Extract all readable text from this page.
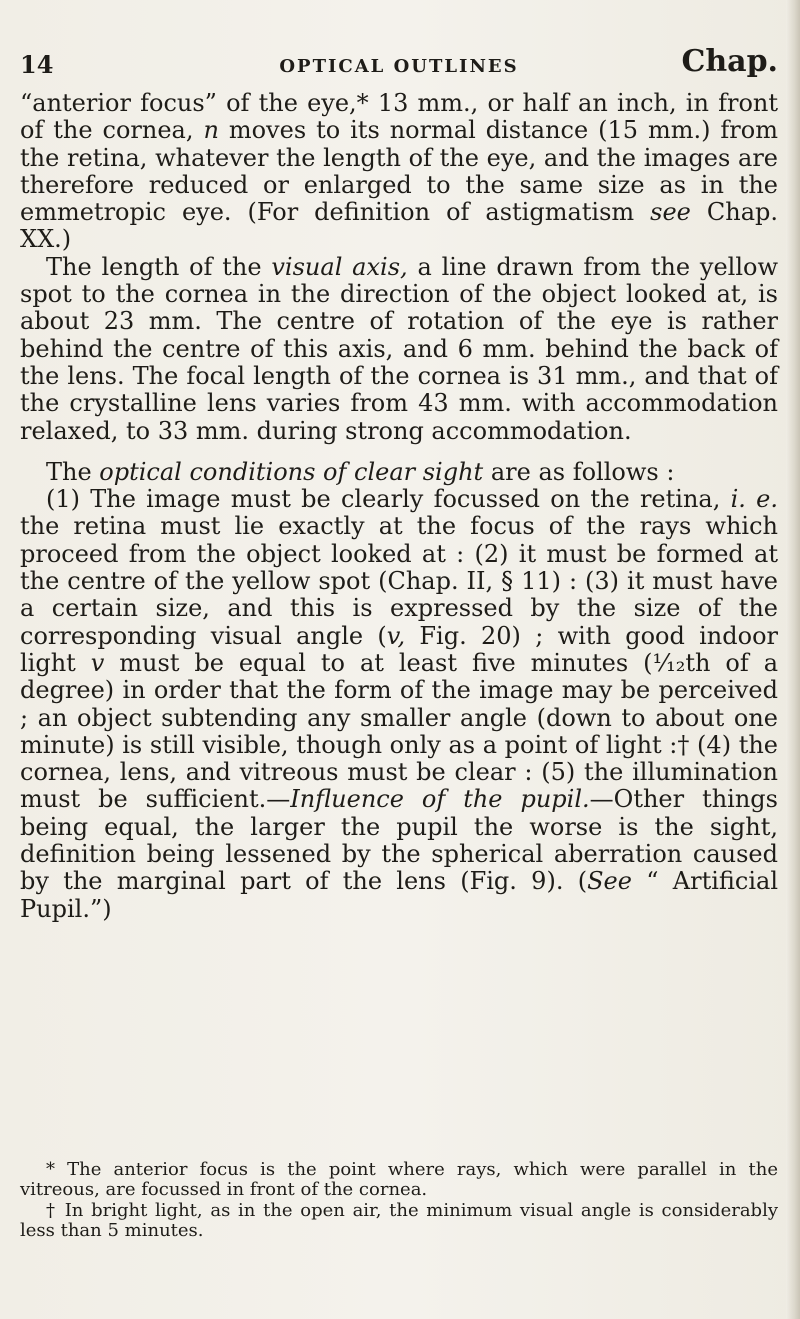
14	OPTICAL OUTLINES	Chap.

“anterior focus” of the eye,* 13 mm., or half an inch, in front of the cornea, n moves to its normal distance (15 mm.) from the retina, whatever the length of the eye, and the images are therefore reduced or enlarged to the same size as in the emmetropic eye. (For definition of astigmatism see Chap. XX.)

The length of the visual axis, a line drawn from the yellow spot to the cornea in the direction of the object looked at, is about 23 mm. The centre of rotation of the eye is rather behind the centre of this axis, and 6 mm. behind the back of the lens. The focal length of the cornea is 31 mm., and that of the crystalline lens varies from 43 mm. with accommodation relaxed, to 33 mm. during strong accommodation.

The optical conditions of clear sight are as follows :

(1) The image must be clearly focussed on the retina, i. e. the retina must lie exactly at the focus of the rays which proceed from the object looked at : (2) it must be formed at the centre of the yellow spot (Chap. II, § 11) : (3) it must have a certain size, and this is expressed by the size of the corresponding visual angle (v, Fig. 20) ; with good indoor light v must be equal to at least five minutes (¹⁄₁₂th of a degree) in order that the form of the image may be perceived ; an object subtending any smaller angle (down to about one minute) is still visible, though only as a point of light :† (4) the cornea, lens, and vitreous must be clear : (5) the illumination must be sufficient.—Influence of the pupil.—Other things being equal, the larger the pupil the worse is the sight, definition being lessened by the spherical aberration caused by the marginal part of the lens (Fig. 9). (See “ Artificial Pupil.”)

* The anterior focus is the point where rays, which were parallel in the vitreous, are focussed in front of the cornea.

† In bright light, as in the open air, the minimum visual angle is considerably less than 5 minutes.
